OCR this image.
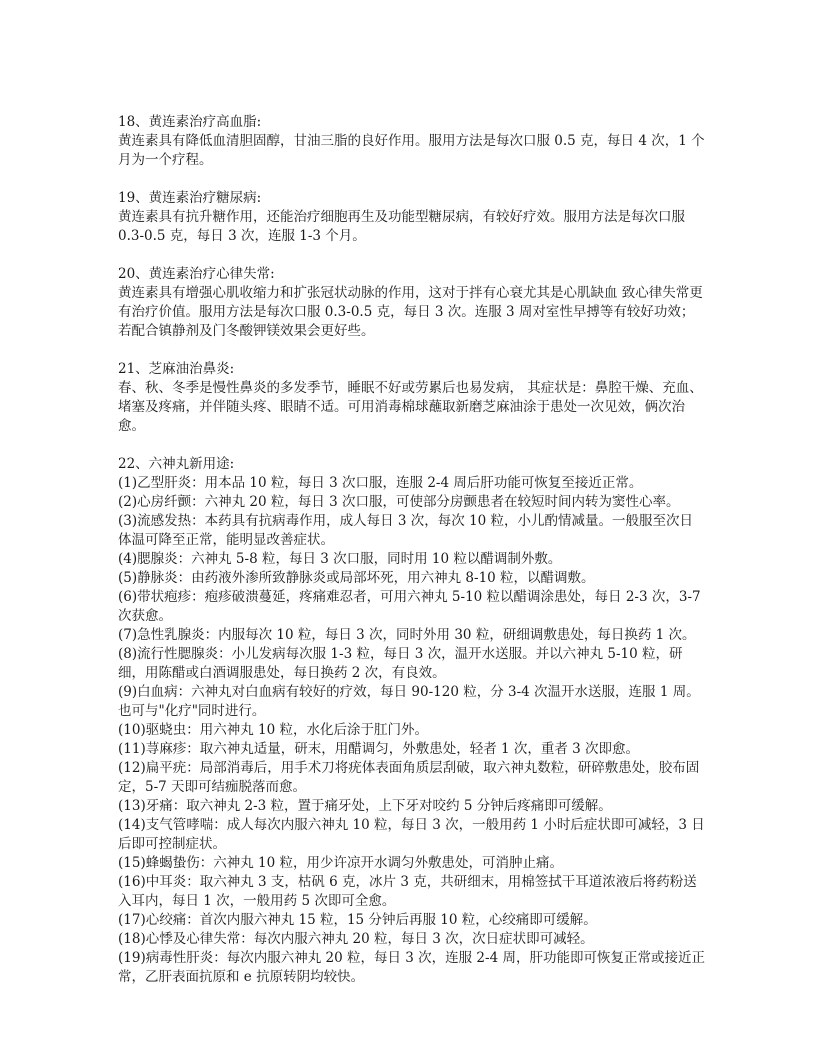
18、黄连素治疗高血脂:

黄连素具有降低血清胆固醇，甘油三脂的良好作用。服用方法是每次口服 0.5 克，每日 4 次，1 个月为一个疗程。

19、黄连素治疗糖尿病:

黄连素具有抗升糖作用，还能治疗细胞再生及功能型糖尿病，有较好疗效。服用方法是每次口服 0.3-0.5 克，每日 3 次，连服 1-3 个月。

20、黄连素治疗心律失常:

黄连素具有增强心肌收缩力和扩张冠状动脉的作用，这对于拌有心衰尤其是心肌缺血 致心律失常更有治疗价值。服用方法是每次口服 0.3-0.5 克，每日 3 次。连服 3 周对室性早搏等有较好功效；若配合镇静剂及门冬酸钾镁效果会更好些。

21、芝麻油治鼻炎:

春、秋、冬季是慢性鼻炎的多发季节，睡眠不好或劳累后也易发病， 其症状是：鼻腔干燥、充血、堵塞及疼痛，并伴随头疼、眼睛不适。可用消毒棉球蘸取新磨芝麻油涂于患处一次见效，俩次治愈。

22、六神丸新用途:

(1)乙型肝炎：用本品 10 粒，每日 3 次口服，连服 2-4 周后肝功能可恢复至接近正常。

(2)心房纤颤：六神丸 20 粒，每日 3 次口服，可使部分房颤患者在较短时间内转为窦性心率。

(3)流感发热：本药具有抗病毒作用，成人每日 3 次，每次 10 粒，小儿酌情减量。一般服至次日体温可降至正常，能明显改善症状。

(4)腮腺炎：六神丸 5-8 粒，每日 3 次口服，同时用 10 粒以醋调制外敷。

(5)静脉炎：由药液外渗所致静脉炎或局部坏死，用六神丸 8-10 粒，以醋调敷。

(6)带状疱疹：疱疹破溃蔓延，疼痛难忍者，可用六神丸 5-10 粒以醋调涂患处，每日 2-3 次，3-7 次获愈。

(7)急性乳腺炎：内服每次 10 粒，每日 3 次，同时外用 30 粒，研细调敷患处，每日换药 1 次。

(8)流行性腮腺炎：小儿发病每次服 1-3 粒，每日 3 次，温开水送服。并以六神丸 5-10 粒，研细，用陈醋或白酒调服患处，每日换药 2 次，有良效。

(9)白血病：六神丸对白血病有较好的疗效，每日 90-120 粒，分 3-4 次温开水送服，连服 1 周。也可与"化疗"同时进行。

(10)驱蛲虫：用六神丸 10 粒，水化后涂于肛门外。

(11)荨麻疹：取六神丸适量，研末，用醋调匀，外敷患处，轻者 1 次，重者 3 次即愈。

(12)扁平疣：局部消毒后，用手术刀将疣体表面角质层刮破，取六神丸数粒，研碎敷患处，胶布固定，5-7 天即可结痂脱落而愈。

(13)牙痛：取六神丸 2-3 粒，置于痛牙处，上下牙对咬约 5 分钟后疼痛即可缓解。

(14)支气管哮喘：成人每次内服六神丸 10 粒，每日 3 次，一般用药 1 小时后症状即可减轻，3 日后即可控制症状。

(15)蜂蝎蛰伤：六神丸 10 粒，用少许凉开水调匀外敷患处，可消肿止痛。

(16)中耳炎：取六神丸 3 支，枯矾 6 克，冰片 3 克，共研细末，用棉签拭干耳道浓液后将药粉送入耳内，每日 1 次，一般用药 5 次即可全愈。

(17)心绞痛：首次内服六神丸 15 粒，15 分钟后再服 10 粒，心绞痛即可缓解。

(18)心悸及心律失常：每次内服六神丸 20 粒，每日 3 次，次日症状即可减轻。

(19)病毒性肝炎：每次内服六神丸 20 粒，每日 3 次，连服 2-4 周，肝功能即可恢复正常或接近正常，乙肝表面抗原和 e 抗原转阴均较快。
